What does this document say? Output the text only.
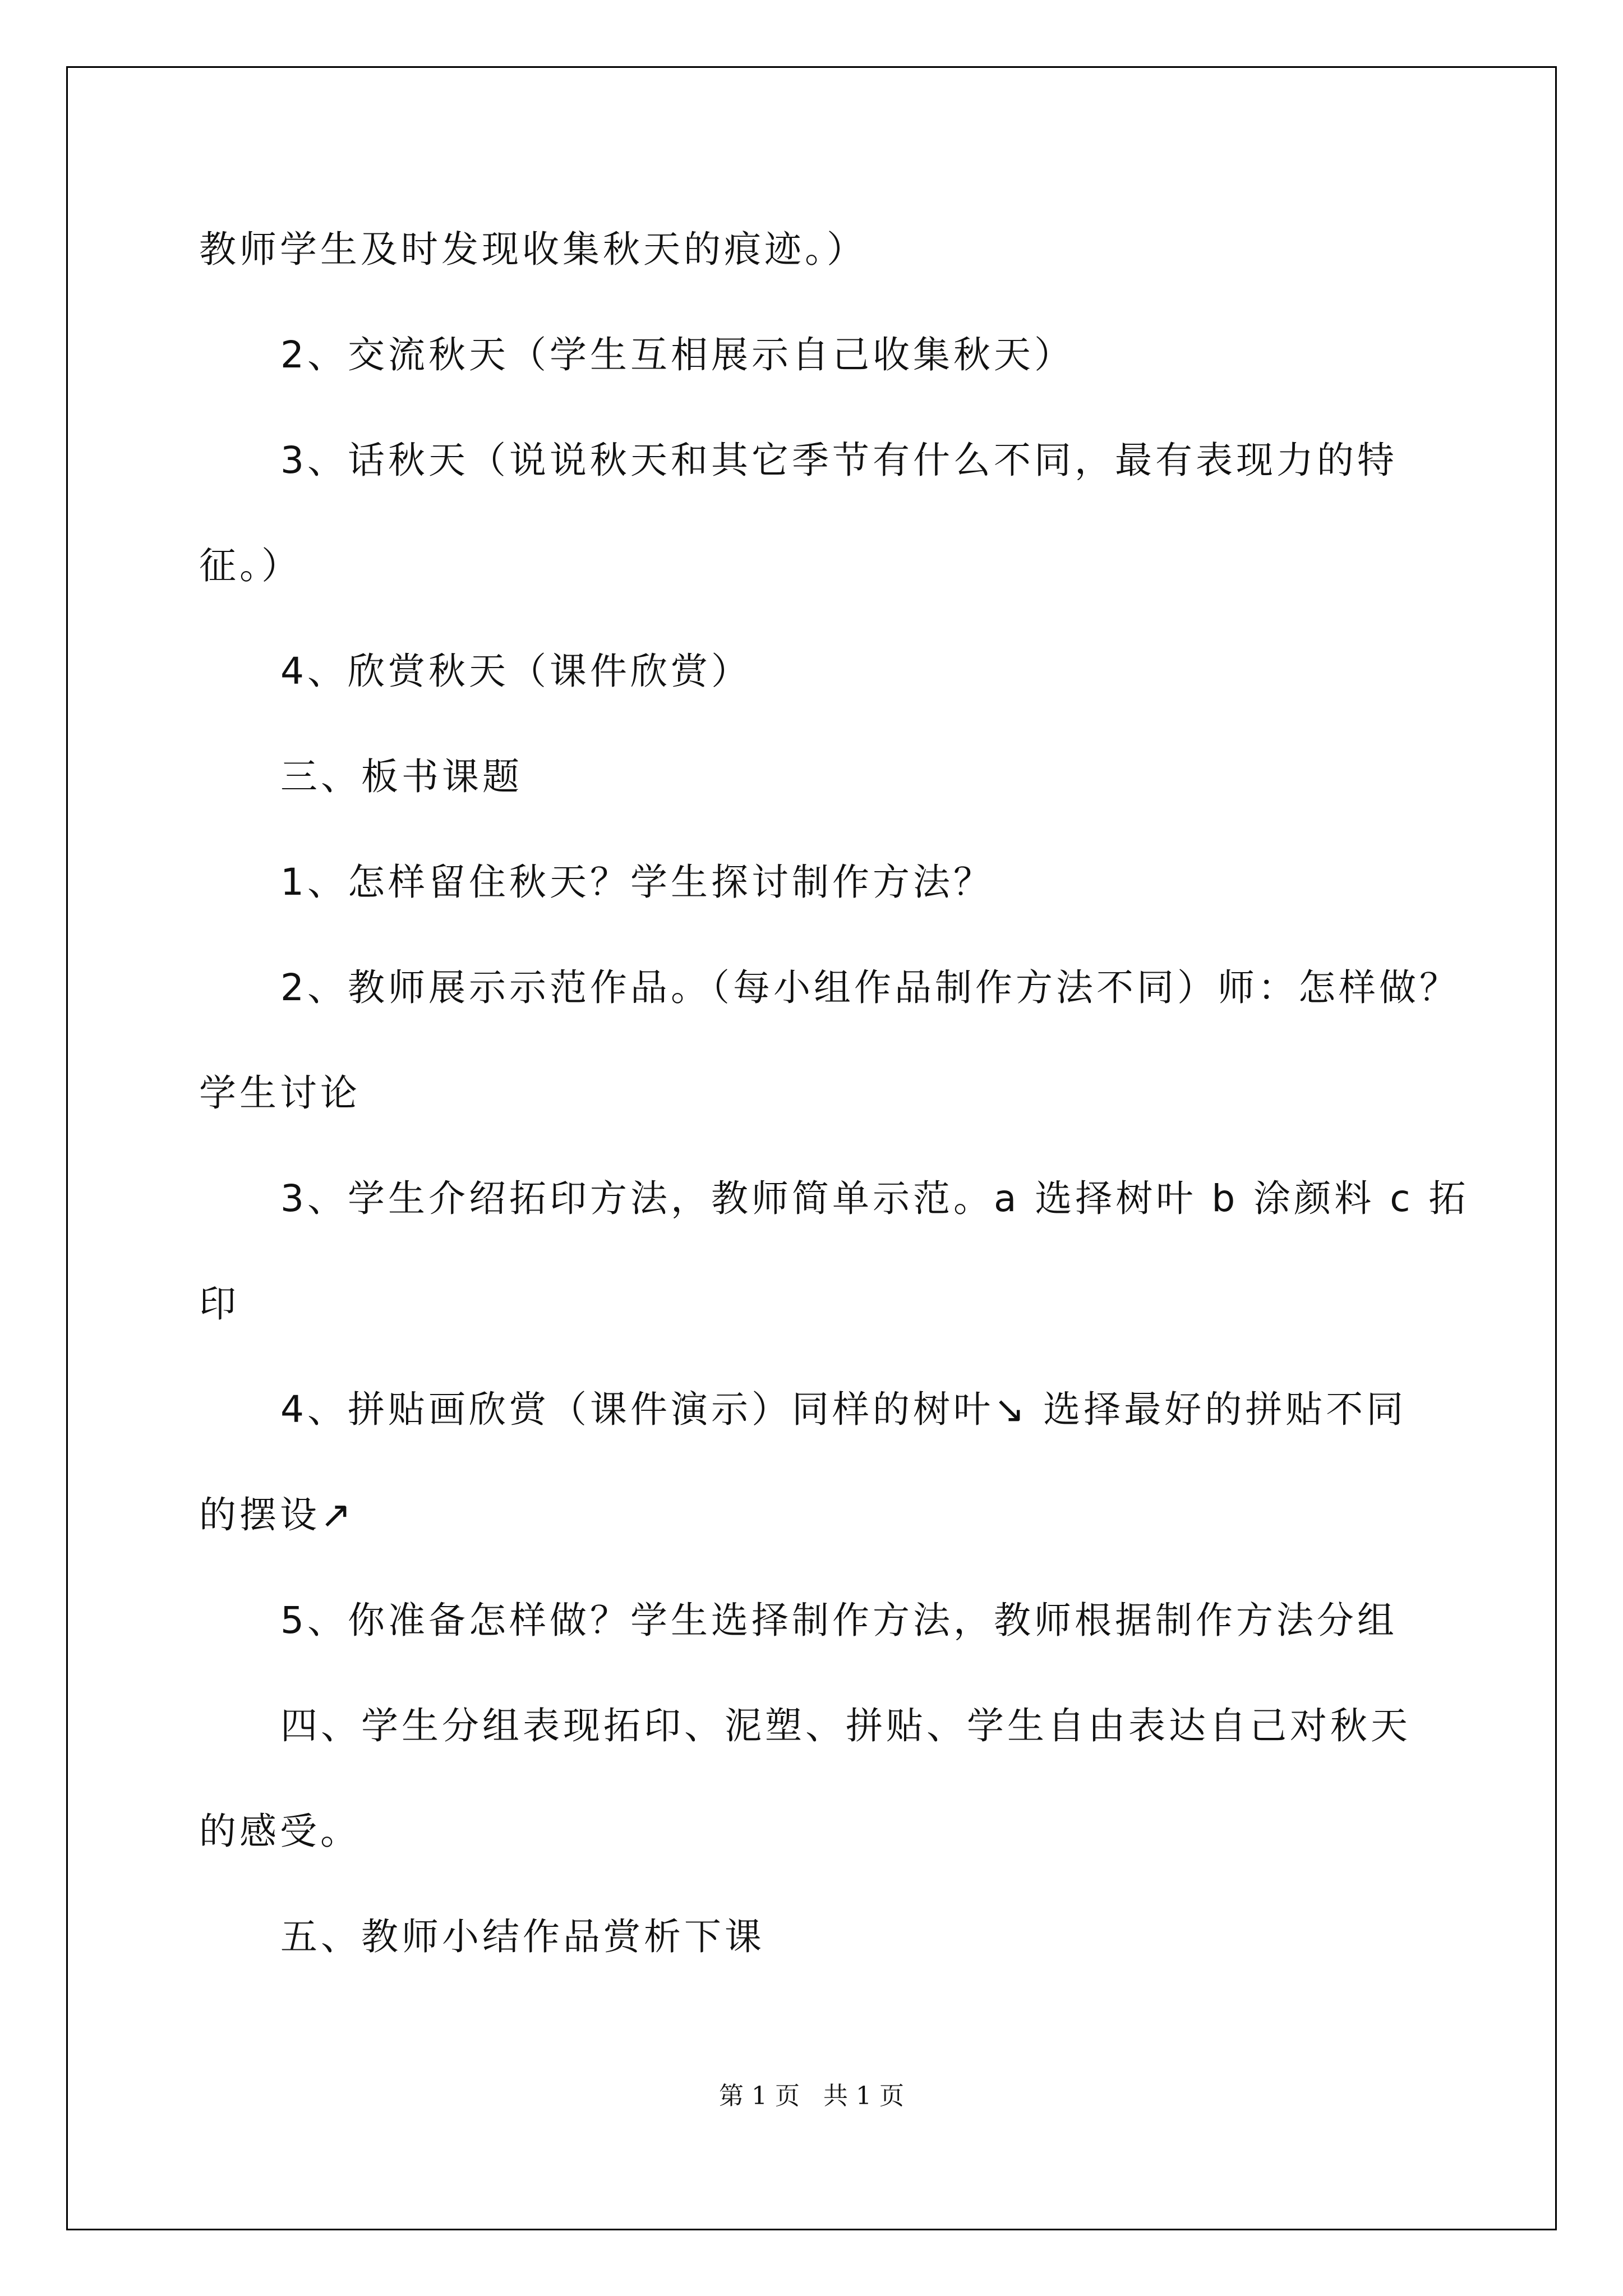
教师学生及时发现收集秋天的痕迹。）
2、交流秋天（学生互相展示自己收集秋天）
3、话秋天（说说秋天和其它季节有什么不同，最有表现力的特
征。）
4、欣赏秋天（课件欣赏）
三、板书课题
1、怎样留住秋天？学生探讨制作方法？
2、教师展示示范作品。（每小组作品制作方法不同）师：怎样做？
学生讨论
3、学生介绍拓印方法，教师简单示范。a 选择树叶 b 涂颜料 c 拓
印
4、拼贴画欣赏（课件演示）同样的树叶↘ 选择最好的拼贴不同
的摆设↗
5、你准备怎样做？学生选择制作方法，教师根据制作方法分组
四、学生分组表现拓印、泥塑、拼贴、学生自由表达自己对秋天
的感受。
五、教师小结作品赏析下课
第 1 页   共 1 页
